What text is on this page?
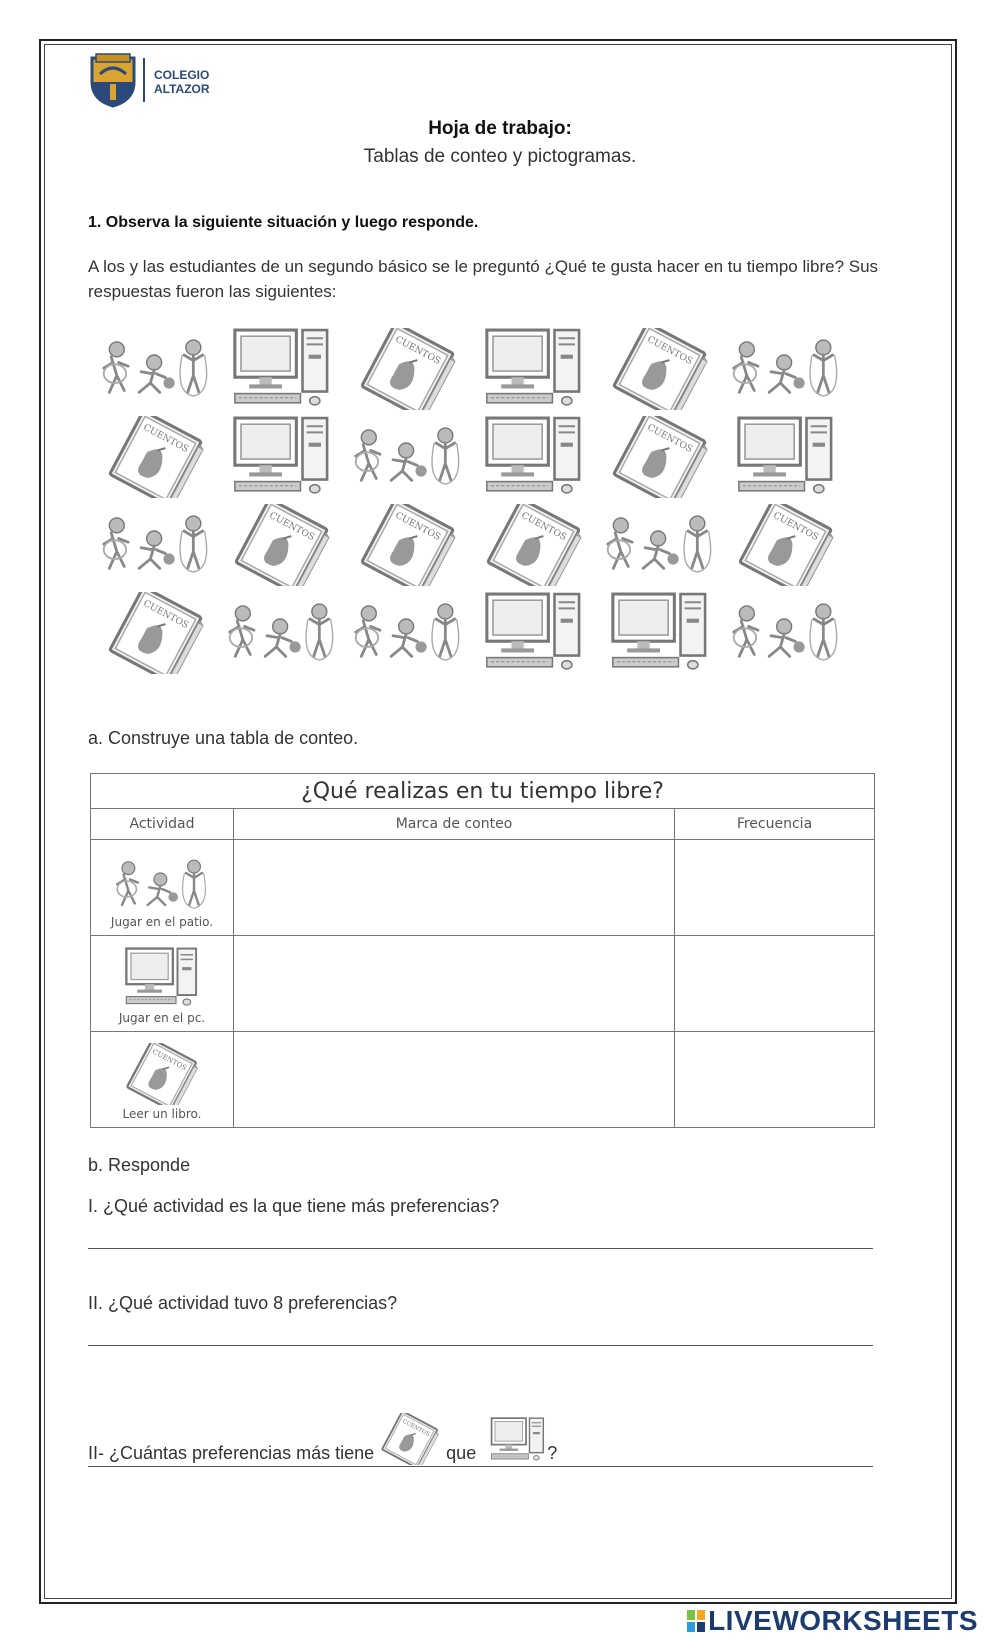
COLEGIO
ALTAZOR
Hoja de trabajo:
Tablas de conteo y pictogramas.
1. Observa la siguiente situación y luego responde.
A los y las estudiantes de un segundo básico se le preguntó ¿Qué te gusta hacer en tu tiempo libre? Sus respuestas fueron las siguientes:
a. Construye una tabla de conteo.
¿Qué realizas en tu tiempo libre?		
Actividad	Marca de conteo	Frecuencia

Jugar en el patio.		

Jugar en el pc.		

Leer un libro.		

b. Responde
I. ¿Qué actividad es la que tiene más preferencias?
II. ¿Qué actividad tuvo 8 preferencias?
II- ¿Cuántas preferencias más tiene	que	?
LIVEWORKSHEETS
